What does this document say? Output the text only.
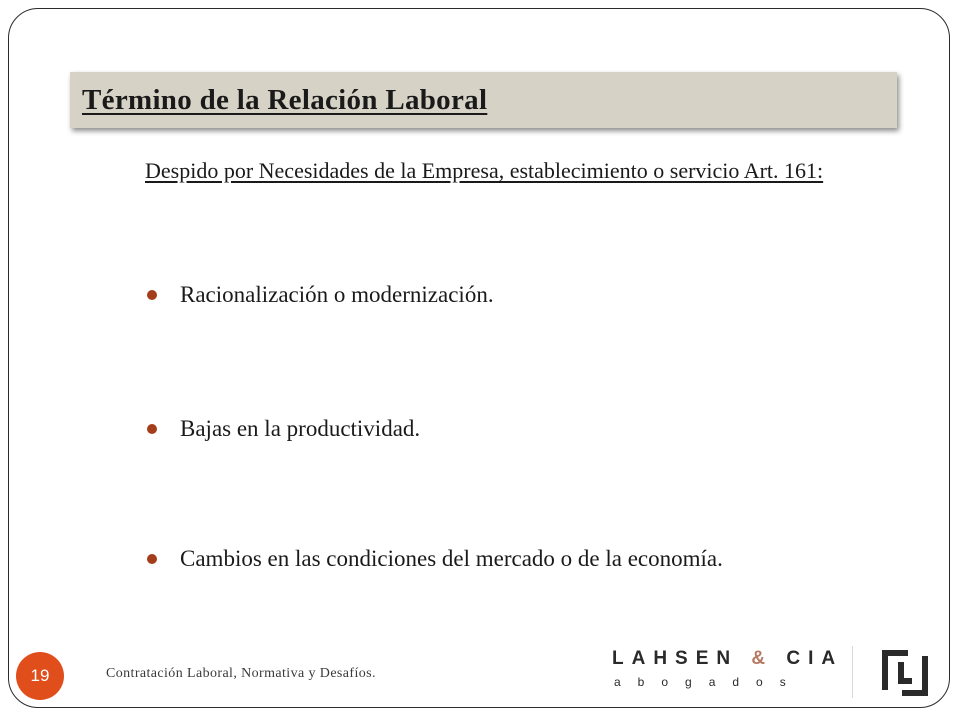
Término de la Relación Laboral
Despido por Necesidades de la Empresa, establecimiento o servicio Art. 161:
Racionalización o modernización.
Bajas en la productividad.
Cambios en las condiciones del mercado o de la economía.
19	Contratación Laboral, Normativa y Desafíos.
LAHSEN & CIA
abogados
